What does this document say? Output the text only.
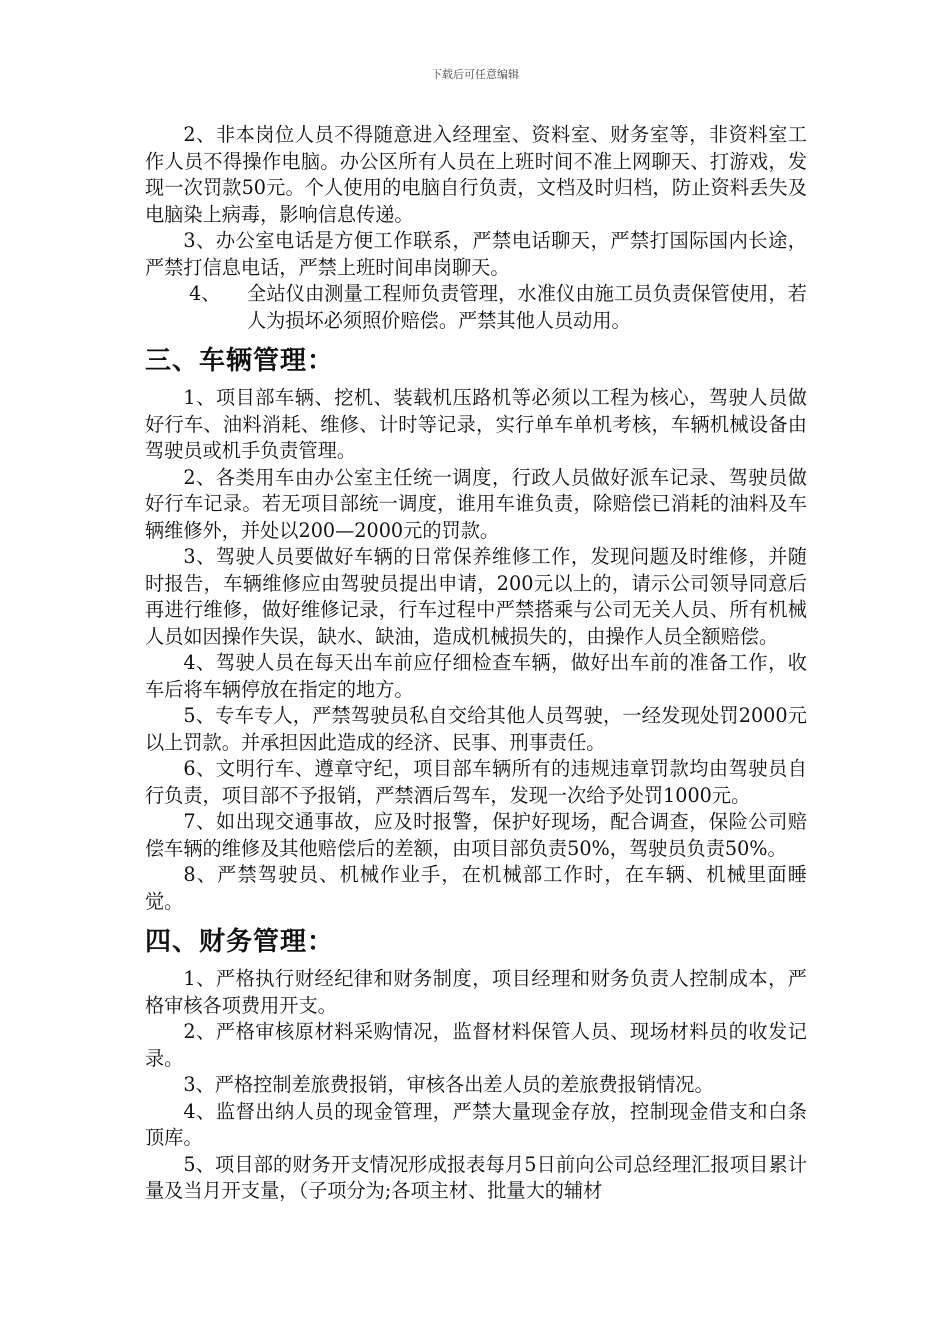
下载后可任意编辑

2、非本岗位人员不得随意进入经理室、资料室、财务室等，非资料室工作人员不得操作电脑。办公区所有人员在上班时间不准上网聊天、打游戏，发现一次罚款50元。个人使用的电脑自行负责，文档及时归档，防止资料丢失及电脑染上病毒，影响信息传递。

3、办公室电话是方便工作联系，严禁电话聊天，严禁打国际国内长途，严禁打信息电话，严禁上班时间串岗聊天。

4、	全站仪由测量工程师负责管理，水准仪由施工员负责保管使用，若人为损坏必须照价赔偿。严禁其他人员动用。
三、车辆管理：

1、项目部车辆、挖机、装载机压路机等必须以工程为核心，驾驶人员做好行车、油料消耗、维修、计时等记录，实行单车单机考核，车辆机械设备由驾驶员或机手负责管理。

2、各类用车由办公室主任统一调度，行政人员做好派车记录、驾驶员做好行车记录。若无项目部统一调度，谁用车谁负责，除赔偿已消耗的油料及车辆维修外，并处以200—2000元的罚款。

3、驾驶人员要做好车辆的日常保养维修工作，发现问题及时维修，并随时报告，车辆维修应由驾驶员提出申请，200元以上的，请示公司领导同意后再进行维修，做好维修记录，行车过程中严禁搭乘与公司无关人员、所有机械人员如因操作失误，缺水、缺油，造成机械损失的，由操作人员全额赔偿。

4、驾驶人员在每天出车前应仔细检查车辆，做好出车前的准备工作，收车后将车辆停放在指定的地方。

5、专车专人，严禁驾驶员私自交给其他人员驾驶，一经发现处罚2000元以上罚款。并承担因此造成的经济、民事、刑事责任。

6、文明行车、遵章守纪，项目部车辆所有的违规违章罚款均由驾驶员自行负责，项目部不予报销，严禁酒后驾车，发现一次给予处罚1000元。

7、如出现交通事故，应及时报警，保护好现场，配合调查，保险公司赔偿车辆的维修及其他赔偿后的差额，由项目部负责50%，驾驶员负责50%。

8、严禁驾驶员、机械作业手，在机械部工作时，在车辆、机械里面睡觉。

四、财务管理：

1、严格执行财经纪律和财务制度，项目经理和财务负责人控制成本，严格审核各项费用开支。

2、严格审核原材料采购情况，监督材料保管人员、现场材料员的收发记录。

3、严格控制差旅费报销，审核各出差人员的差旅费报销情况。

4、监督出纳人员的现金管理，严禁大量现金存放，控制现金借支和白条顶库。

5、项目部的财务开支情况形成报表每月5日前向公司总经理汇报项目累计量及当月开支量，（子项分为;各项主材、批量大的辅材
